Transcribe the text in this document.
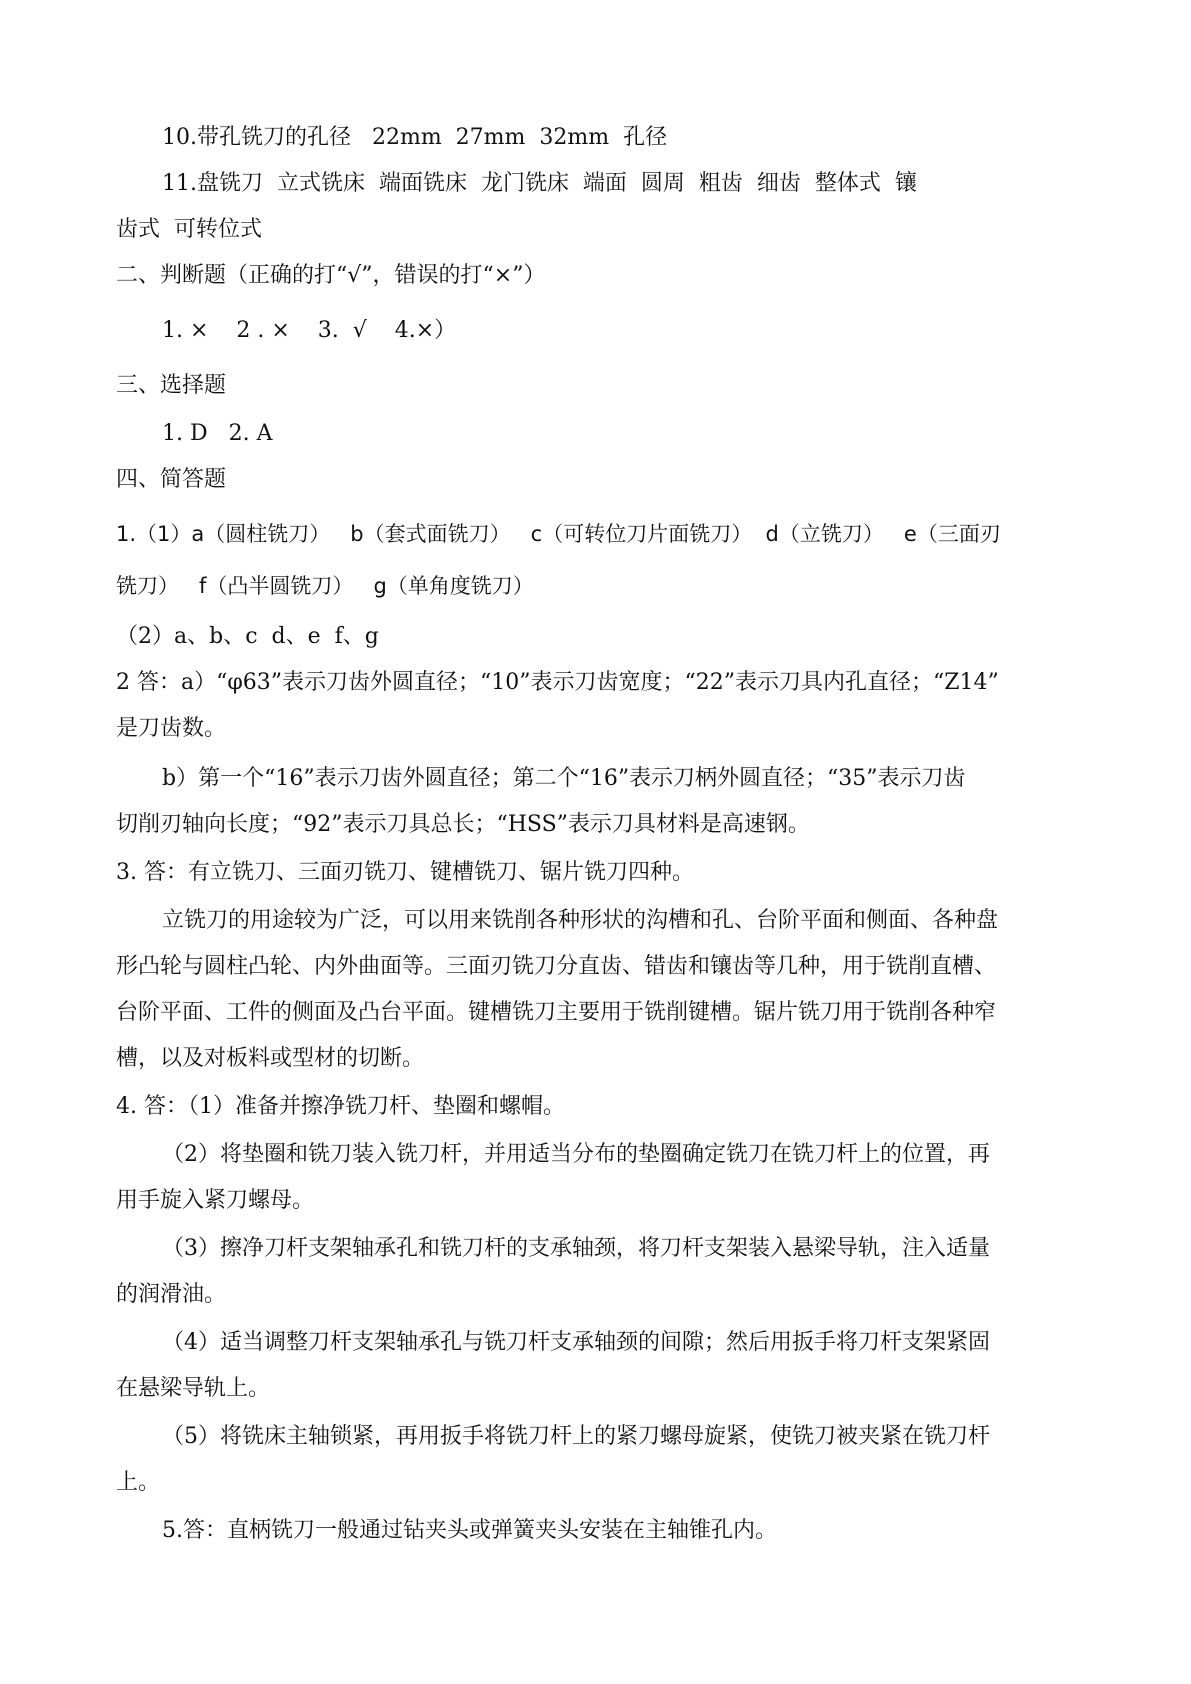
10.带孔铣刀的孔径   22mm  27mm  32mm  孔径

11.盘铣刀  立式铣床  端面铣床  龙门铣床  端面  圆周  粗齿  细齿  整体式  镶

齿式  可转位式

二、判断题（正确的打“√”，错误的打“×”）

1. ×    2 . ×    3.  √    4.×）

三、选择题

1. D   2. A

四、简答题

1.（1）a（圆柱铣刀）   b（套式面铣刀）   c（可转位刀片面铣刀）  d（立铣刀）   e（三面刃

铣刀）   f（凸半圆铣刀）   g（单角度铣刀）

（2）a、b、c  d、e  f、g

2 答：a）“φ63”表示刀齿外圆直径；“10”表示刀齿宽度；“22”表示刀具内孔直径；“Z14”

是刀齿数。

b）第一个“16”表示刀齿外圆直径；第二个“16”表示刀柄外圆直径；“35”表示刀齿

切削刃轴向长度；“92”表示刀具总长；“HSS”表示刀具材料是高速钢。

3. 答：有立铣刀、三面刃铣刀、键槽铣刀、锯片铣刀四种。

立铣刀的用途较为广泛，可以用来铣削各种形状的沟槽和孔、台阶平面和侧面、各种盘

形凸轮与圆柱凸轮、内外曲面等。三面刃铣刀分直齿、错齿和镶齿等几种，用于铣削直槽、

台阶平面、工件的侧面及凸台平面。键槽铣刀主要用于铣削键槽。锯片铣刀用于铣削各种窄

槽，以及对板料或型材的切断。

4. 答：（1）准备并擦净铣刀杆、垫圈和螺帽。

（2）将垫圈和铣刀装入铣刀杆，并用适当分布的垫圈确定铣刀在铣刀杆上的位置，再

用手旋入紧刀螺母。

（3）擦净刀杆支架轴承孔和铣刀杆的支承轴颈，将刀杆支架装入悬梁导轨，注入适量

的润滑油。

（4）适当调整刀杆支架轴承孔与铣刀杆支承轴颈的间隙；然后用扳手将刀杆支架紧固

在悬梁导轨上。

（5）将铣床主轴锁紧，再用扳手将铣刀杆上的紧刀螺母旋紧，使铣刀被夹紧在铣刀杆

上。

5.答：直柄铣刀一般通过钻夹头或弹簧夹头安装在主轴锥孔内。
